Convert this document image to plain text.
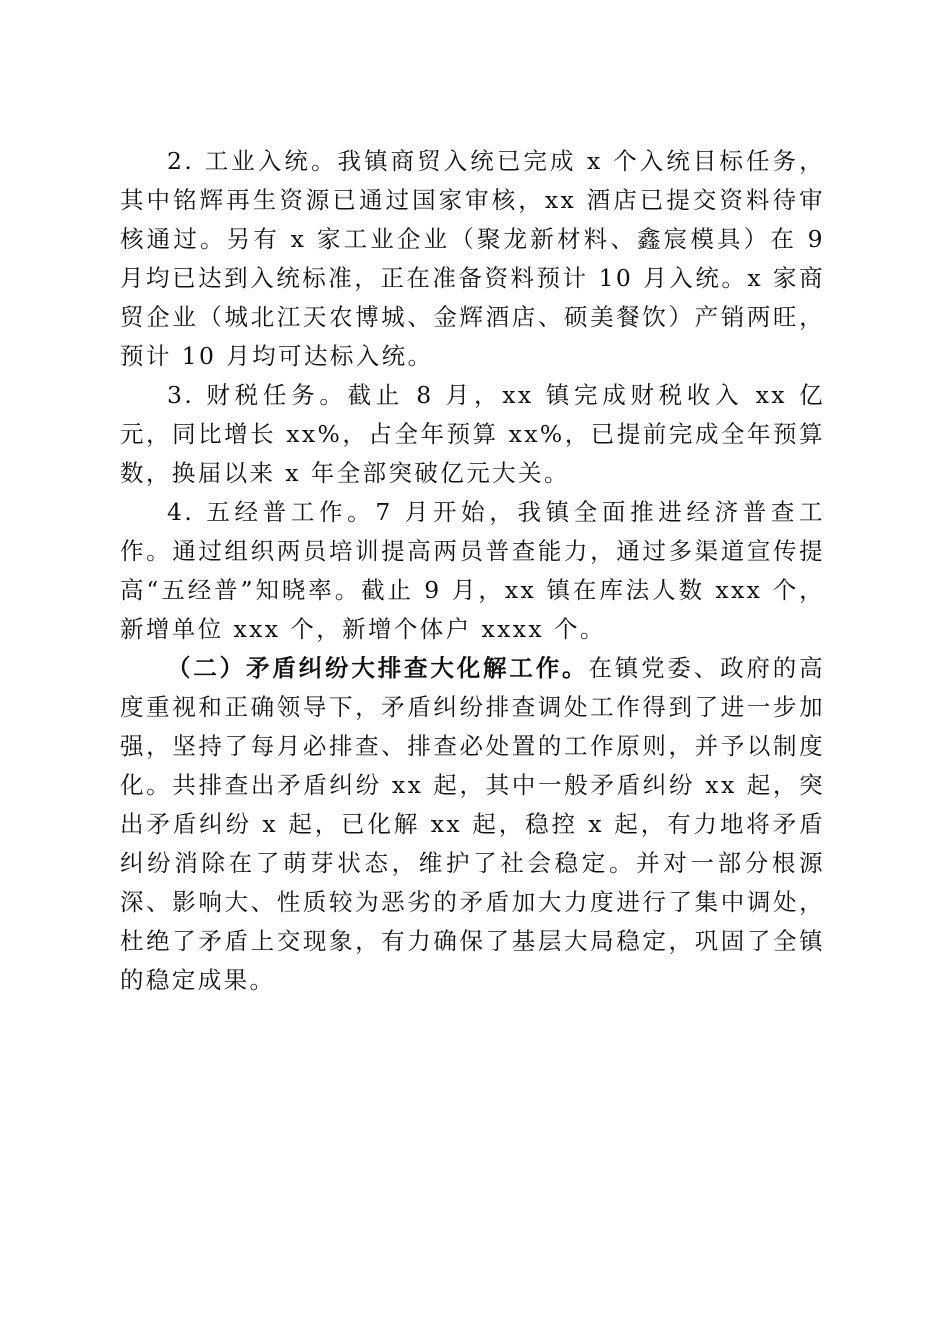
2. 工业入统。我镇商贸入统已完成 x 个入统目标任务，其中铭辉再生资源已通过国家审核，xx 酒店已提交资料待审核通过。另有 x 家工业企业（聚龙新材料、鑫宸模具）在 9 月均已达到入统标准，正在准备资料预计 10 月入统。x 家商贸企业（城北江天农博城、金辉酒店、硕美餐饮）产销两旺，预计 10 月均可达标入统。

3. 财税任务。截止 8 月，xx 镇完成财税收入 xx 亿元，同比增长 xx%，占全年预算 xx%，已提前完成全年预算数，换届以来 x 年全部突破亿元大关。

4. 五经普工作。7 月开始，我镇全面推进经济普查工作。通过组织两员培训提高两员普查能力，通过多渠道宣传提高“五经普”知晓率。截止 9 月，xx 镇在库法人数 xxx 个，新增单位 xxx 个，新增个体户 xxxx 个。

（二）矛盾纠纷大排查大化解工作。在镇党委、政府的高度重视和正确领导下，矛盾纠纷排查调处工作得到了进一步加强，坚持了每月必排查、排查必处置的工作原则，并予以制度化。共排查出矛盾纠纷 xx 起，其中一般矛盾纠纷 xx 起，突出矛盾纠纷 x 起，已化解 xx 起，稳控 x 起，有力地将矛盾纠纷消除在了萌芽状态，维护了社会稳定。并对一部分根源深、影响大、性质较为恶劣的矛盾加大力度进行了集中调处，杜绝了矛盾上交现象，有力确保了基层大局稳定，巩固了全镇的稳定成果。
